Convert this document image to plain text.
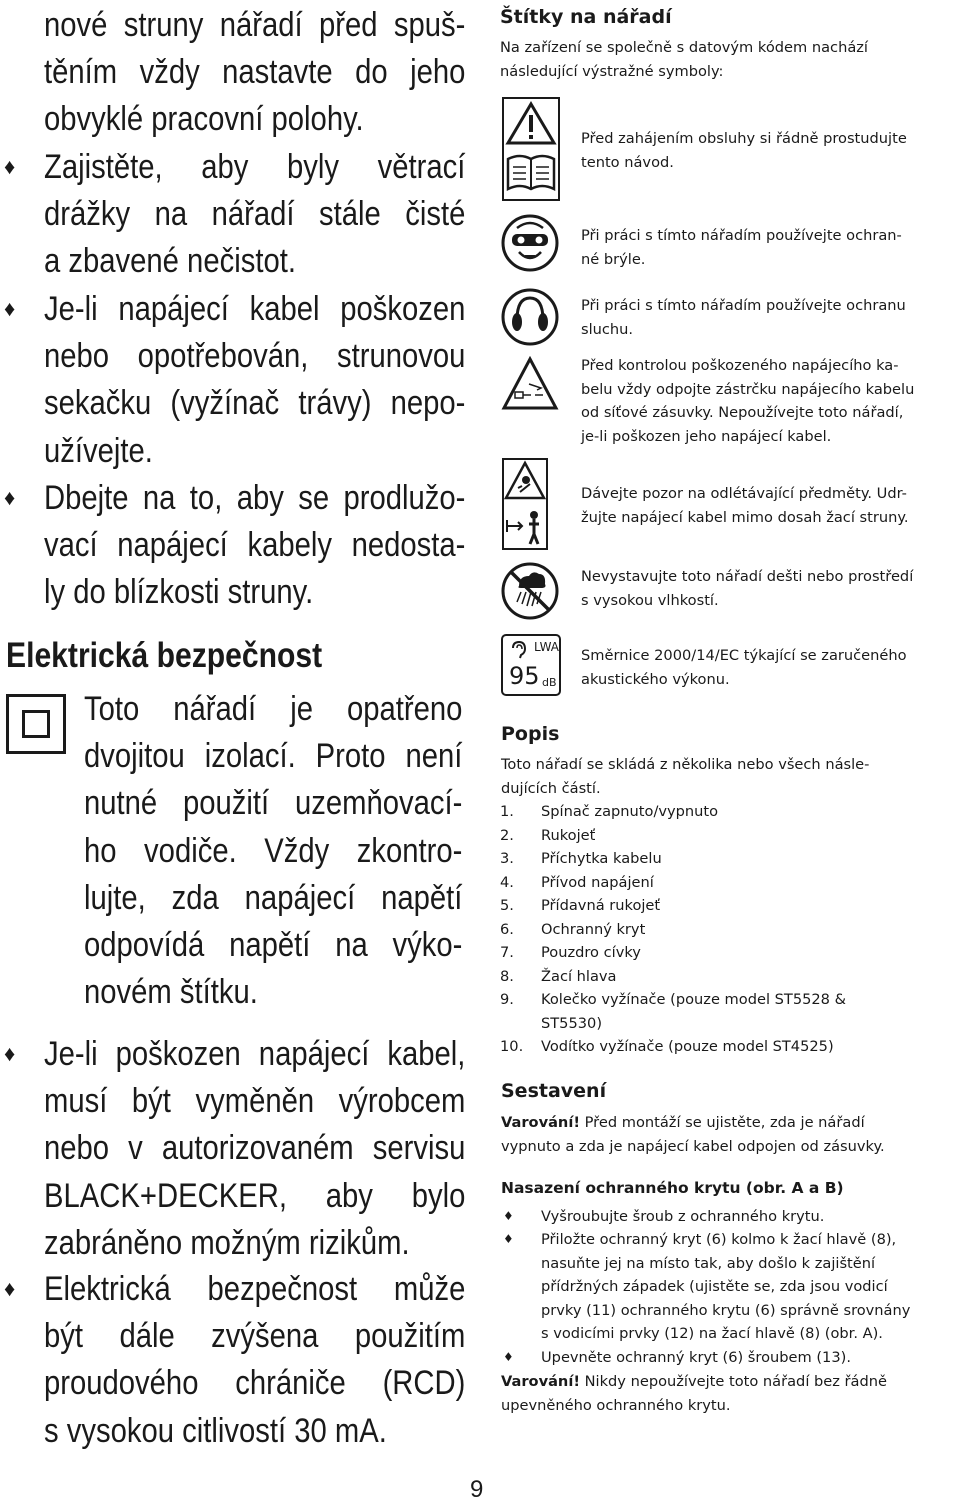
nové struny nářadí před spuš-
těním vždy nastavte do jeho
obvyklé pracovní polohy.
♦ Zajistěte, aby byly větrací
drážky na nářadí stále čisté
a zbavené nečistot.
♦ Je-li napájecí kabel poškozen
nebo opotřebován, strunovou
sekačku (vyžínač trávy) nepo-
užívejte.
♦ Dbejte na to, aby se prodlužo-
vací napájecí kabely nedosta-
ly do blízkosti struny.
Elektrická bezpečnost
Toto nářadí je opatřeno
dvojitou izolací. Proto není
nutné použití uzemňovací-
ho vodiče. Vždy zkontro-
lujte, zda napájecí napětí
odpovídá napětí na výko-
novém štítku.
♦ Je-li poškozen napájecí kabel,
musí být vyměněn výrobcem
nebo v autorizovaném servisu
BLACK+DECKER, aby bylo
zabráněno možným rizikům.
♦ Elektrická bezpečnost může
být dále zvýšena použitím
proudového chrániče (RCD)
s vysokou citlivostí 30 mA.
9
Štítky na nářadí
Na zařízení se společně s datovým kódem nachází
následující výstražné symboly:
Před zahájením obsluhy si řádně prostudujte
tento návod.
Při práci s tímto nářadím používejte ochran-
né brýle.
Při práci s tímto nářadím používejte ochranu
sluchu.
Před kontrolou poškozeného napájecího ka-
belu vždy odpojte zástrčku napájecího kabelu
od síťové zásuvky. Nepoužívejte toto nářadí,
je-li poškozen jeho napájecí kabel.
Dávejte pozor na odlétávající předměty. Udr-
žujte napájecí kabel mimo dosah žací struny.
Nevystavujte toto nářadí dešti nebo prostředí
s vysokou vlhkostí.
LWA
95 dB
Směrnice 2000/14/EC týkající se zaručeného
akustického výkonu.
Popis
Toto nářadí se skládá z několika nebo všech násle-
dujících částí.
1. Spínač zapnuto/vypnuto
2. Rukojeť
3. Příchytka kabelu
4. Přívod napájení
5. Přídavná rukojeť
6. Ochranný kryt
7. Pouzdro cívky
8. Žací hlava
9. Kolečko vyžínače (pouze model ST5528 &
ST5530)
10. Vodítko vyžínače (pouze model ST4525)
Sestavení
Varování! Před montáží se ujistěte, zda je nářadí
vypnuto a zda je napájecí kabel odpojen od zásuvky.
Nasazení ochranného krytu (obr. A a B)
♦	Vyšroubujte šroub z ochranného krytu.
♦	Přiložte ochranný kryt (6) kolmo k žací hlavě (8),
nasuňte jej na místo tak, aby došlo k zajištění
přídržných západek (ujistěte se, zda jsou vodicí
prvky (11) ochranného krytu (6) správně srovnány
s vodicími prvky (12) na žací hlavě (8) (obr. A).
♦	Upevněte ochranný kryt (6) šroubem (13).
Varování! Nikdy nepoužívejte toto nářadí bez řádně
upevněného ochranného krytu.
